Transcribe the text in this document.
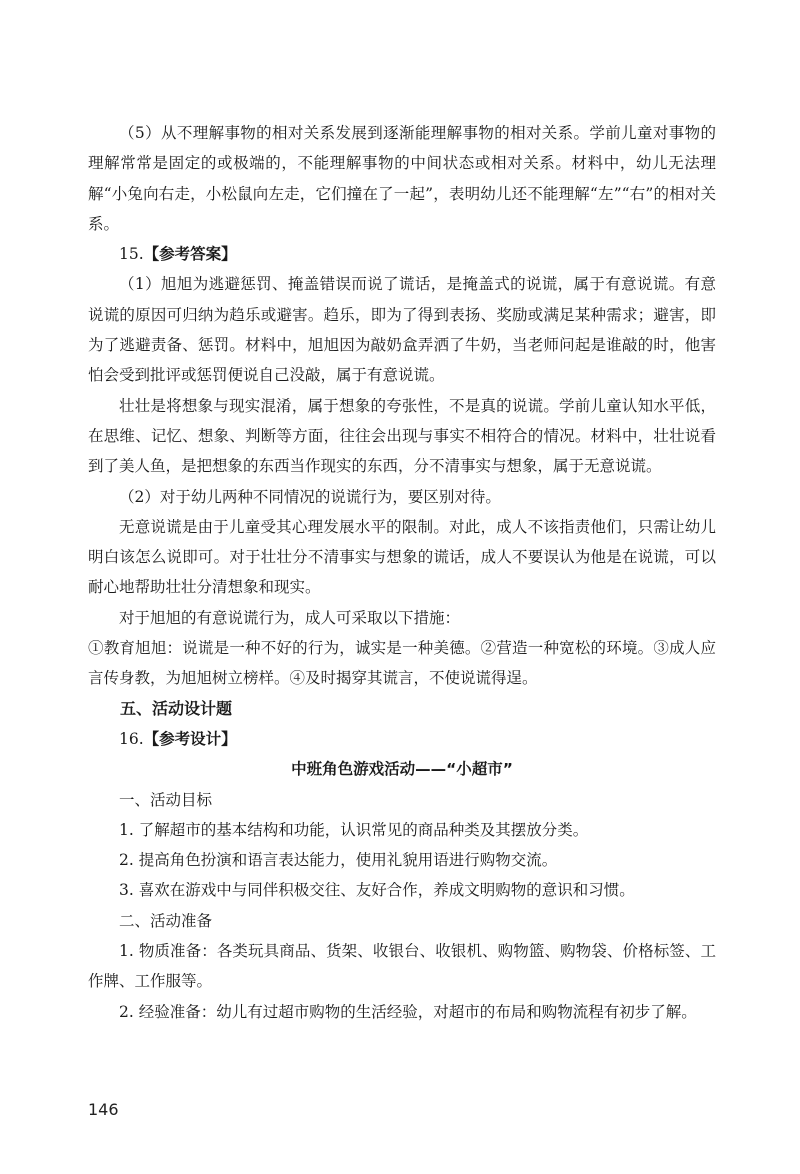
（5）从不理解事物的相对关系发展到逐渐能理解事物的相对关系。学前儿童对事物的理解常常是固定的或极端的，不能理解事物的中间状态或相对关系。材料中，幼儿无法理解“小兔向右走，小松鼠向左走，它们撞在了一起”，表明幼儿还不能理解“左”“右”的相对关系。

15.【参考答案】

（1）旭旭为逃避惩罚、掩盖错误而说了谎话，是掩盖式的说谎，属于有意说谎。有意说谎的原因可归纳为趋乐或避害。趋乐，即为了得到表扬、奖励或满足某种需求；避害，即为了逃避责备、惩罚。材料中，旭旭因为敲奶盒弄洒了牛奶，当老师问起是谁敲的时，他害怕会受到批评或惩罚便说自己没敲，属于有意说谎。

壮壮是将想象与现实混淆，属于想象的夸张性，不是真的说谎。学前儿童认知水平低，在思维、记忆、想象、判断等方面，往往会出现与事实不相符合的情况。材料中，壮壮说看到了美人鱼，是把想象的东西当作现实的东西，分不清事实与想象，属于无意说谎。

（2）对于幼儿两种不同情况的说谎行为，要区别对待。

无意说谎是由于儿童受其心理发展水平的限制。对此，成人不该指责他们，只需让幼儿明白该怎么说即可。对于壮壮分不清事实与想象的谎话，成人不要误认为他是在说谎，可以耐心地帮助壮壮分清想象和现实。

对于旭旭的有意说谎行为，成人可采取以下措施：

①教育旭旭：说谎是一种不好的行为，诚实是一种美德。②营造一种宽松的环境。③成人应言传身教，为旭旭树立榜样。④及时揭穿其谎言，不使说谎得逞。

五、活动设计题

16.【参考设计】

中班角色游戏活动——“小超市”

一、活动目标

1. 了解超市的基本结构和功能，认识常见的商品种类及其摆放分类。

2. 提高角色扮演和语言表达能力，使用礼貌用语进行购物交流。

3. 喜欢在游戏中与同伴积极交往、友好合作，养成文明购物的意识和习惯。

二、活动准备

1. 物质准备：各类玩具商品、货架、收银台、收银机、购物篮、购物袋、价格标签、工作牌、工作服等。

2. 经验准备：幼儿有过超市购物的生活经验，对超市的布局和购物流程有初步了解。

146
